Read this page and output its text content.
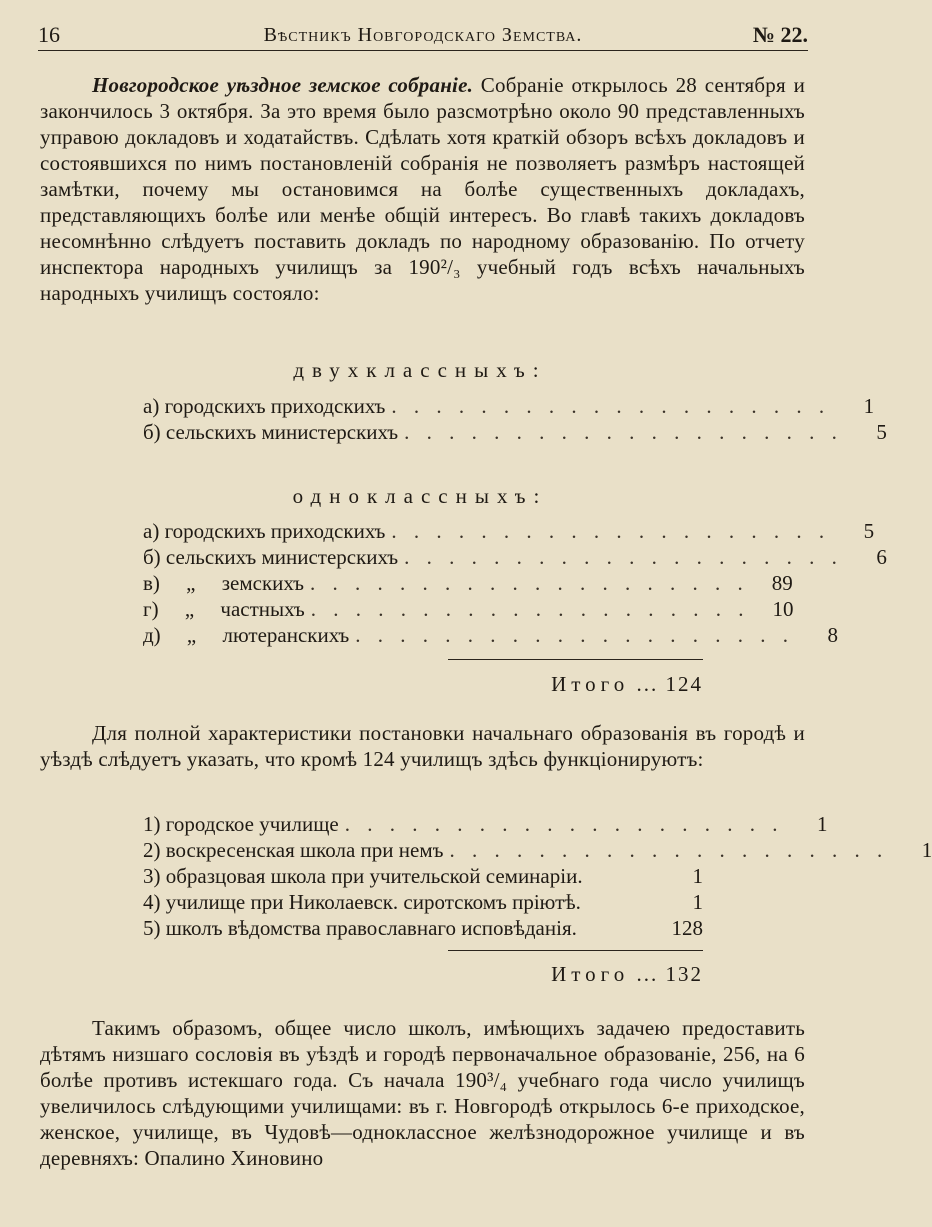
16	Вѣстникъ Новгородскаго Земства.	№ 22.
Новгородское уѣздное земское собраніе. Собраніе открылось 28 сентября и закончилось 3 октября. За это время было разсмотрѣно около 90 представленныхъ управою докладовъ и ходатайствъ. Сдѣлать хотя краткій обзоръ всѣхъ докладовъ и состоявшихся по нимъ постановленій собранія не позволяетъ размѣръ настоящей замѣтки, почему мы остановимся на болѣе существенныхъ докладахъ, представляющихъ болѣе или менѣе общій интересъ. Во главѣ такихъ докладовъ несомнѣнно слѣдуетъ поставить докладъ по народному образованію. По отчету инспектора народныхъ училищъ за 190²/₃ учебный годъ всѣхъ начальныхъ народныхъ училищъ состояло:
двухклассныхъ:
а) городскихъ приходскихъ . . . . . . . . . . . . . . . . . . . .	1
б) сельскихъ министерскихъ . . . . . . . . . . . . . . . . . . . .	5
одноклассныхъ:
а) городскихъ приходскихъ . . . . . . . . . . . . . . . . . . . .	5
б) сельскихъ министерскихъ . . . . . . . . . . . . . . . . . . . .	6
в)     „     земскихъ . . . . . . . . . . . . . . . . . . . .	89
г)     „     частныхъ . . . . . . . . . . . . . . . . . . . .	10
д)     „     лютеранскихъ . . . . . . . . . . . . . . . . . . . .	8
Итого ... 124
Для полной характеристики постановки начальнаго образованія въ городѣ и уѣздѣ слѣдуетъ указать, что кромѣ 124 училищъ здѣсь функціонируютъ:
1) городское училище . . . . . . . . . . . . . . . . . . . .	1
2) воскресенская школа при немъ . . . . . . . . . . . . . . . . . . . .	1
3) образцовая школа при учительской семинаріи.	1
4) училище при Николаевск. сиротскомъ пріютѣ.	1
5) школъ вѣдомства православнаго исповѣданія.	128
Итого ... 132
Такимъ образомъ, общее число школъ, имѣющихъ задачею предоставить дѣтямъ низшаго сословія въ уѣздѣ и городѣ первоначальное образованіе, 256, на 6 болѣе противъ истекшаго года. Съ начала 190³/₄ учебнаго года число училищъ увеличилось слѣдующими училищами: въ г. Новгородѣ открылось 6-е приходское, женское, училище, въ Чудовѣ—одноклассное желѣзнодорожное училище и въ деревняхъ: Опалино Хиновино
